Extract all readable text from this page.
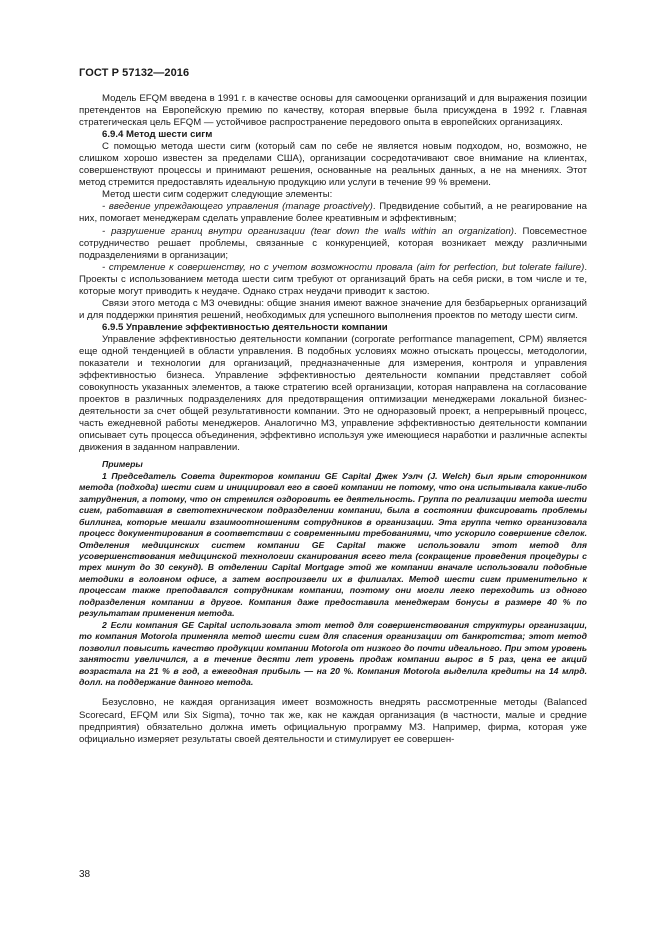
ГОСТ Р 57132—2016

Модель EFQM введена в 1991 г. в качестве основы для самооценки организаций и для выражения позиции претендентов на Европейскую премию по качеству, которая впервые была присуждена в 1992 г. Главная стратегическая цель EFQM — устойчивое распространение передового опыта в европейских организациях.

6.9.4 Метод шести сигм

С помощью метода шести сигм (который сам по себе не является новым подходом, но, возможно, не слишком хорошо известен за пределами США), организации сосредотачивают свое внимание на клиентах, совершенствуют процессы и принимают решения, основанные на реальных данных, а не на мнениях. Этот метод стремится предоставлять идеальную продукцию или услуги в течение 99 % времени.

Метод шести сигм содержит следующие элементы:

- введение упреждающего управления (manage proactively). Предвидение событий, а не реагирование на них, помогает менеджерам сделать управление более креативным и эффективным;

- разрушение границ внутри организации (tear down the walls within an organization). Повсеместное сотрудничество решает проблемы, связанные с конкуренцией, которая возникает между различными подразделениями в организации;

- стремление к совершенству, но с учетом возможности провала (aim for perfection, but tolerate failure). Проекты с использованием метода шести сигм требуют от организаций брать на себя риски, в том числе и те, которые могут приводить к неудаче. Однако страх неудачи приводит к застою.

Связи этого метода с МЗ очевидны: общие знания имеют важное значение для безбарьерных организаций и для поддержки принятия решений, необходимых для успешного выполнения проектов по методу шести сигм.

6.9.5 Управление эффективностью деятельности компании

Управление эффективностью деятельности компании (corporate performance management, CPM) является еще одной тенденцией в области управления. В подобных условиях можно отыскать процессы, методологии, показатели и технологии для организаций, предназначенные для измерения, контроля и управления эффективностью бизнеса. Управление эффективностью деятельности компании представляет собой совокупность указанных элементов, а также стратегию всей организации, которая направлена на согласование проектов в различных подразделениях для предотвращения оптимизации менеджерами локальной бизнес-деятельности за счет общей результативности компании. Это не одноразовый проект, а непрерывный процесс, часть ежедневной работы менеджеров. Аналогично МЗ, управление эффективностью деятельности компании описывает суть процесса объединения, эффективно используя уже имеющиеся наработки и различные аспекты движения в заданном направлении.

Примеры

1 Председатель Совета директоров компании GE Capital Джек Уэлч (J. Welch) был ярым сторонником метода (подхода) шести сигм и инициировал его в своей компании не потому, что она испытывала какие-либо затруднения, а потому, что он стремился оздоровить ее деятельность. Группа по реализации метода шести сигм, работавшая в светотехническом подразделении компании, была в состоянии фиксировать проблемы биллинга, которые мешали взаимоотношениям сотрудников в организации. Эта группа четко организовала процесс документирования в соответствии с современными требованиями, что ускорило совершение сделок. Отделения медицинских систем компании GE Capital также использовали этот метод для усовершенствования медицинской технологии сканирования всего тела (сокращение проведения процедуры с трех минут до 30 секунд). В отделении Capital Mortgage этой же компании вначале использовали подобные методики в головном офисе, а затем воспроизвели их в филиалах. Метод шести сигм применительно к процессам также преподавался сотрудникам компании, поэтому они могли легко переходить из одного подразделения компании в другое. Компания даже предоставила менеджерам бонусы в размере 40 % по результатам применения метода.

2 Если компания GE Capital использовала этот метод для совершенствования структуры организации, то компания Motorola применяла метод шести сигм для спасения организации от банкротства; этот метод позволил повысить качество продукции компании Motorola от низкого до почти идеального. При этом уровень занятости увеличился, а в течение десяти лет уровень продаж компании вырос в 5 раз, цена ее акций возрастала на 21 % в год, а ежегодная прибыль — на 20 %. Компания Motorola выделила кредиты на 14 млрд. долл. на поддержание данного метода.

Безусловно, не каждая организация имеет возможность внедрять рассмотренные методы (Balanced Scorecard, EFQM или Six Sigma), точно так же, как не каждая организация (в частности, малые и средние предприятия) обязательно должна иметь официальную программу МЗ. Например, фирма, которая уже официально измеряет результаты своей деятельности и стимулирует ее совершен-

38
